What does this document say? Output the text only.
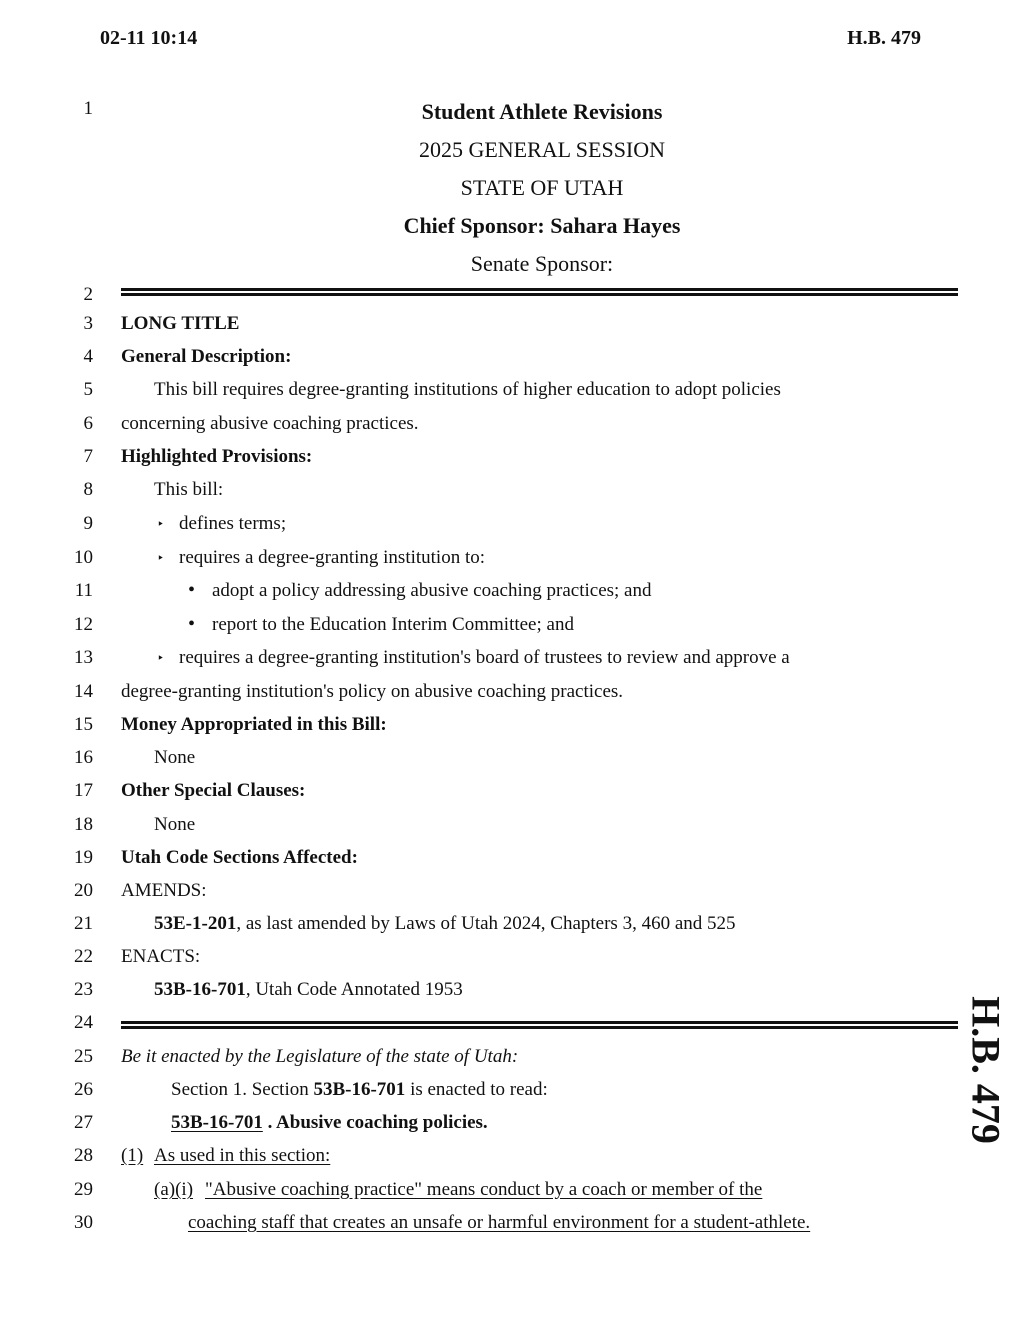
02-11 10:14	H.B. 479
H.B. 479
1
2
3
4
5
6
7
8
9
10
11
12
13
14
15
16
17
18
19
20
21
22
23
24
25
26
27
28
29
30
Student Athlete Revisions
2025 GENERAL SESSION
STATE OF UTAH
Chief Sponsor: Sahara Hayes
Senate Sponsor:
LONG TITLE
General Description:
This bill requires degree-granting institutions of higher education to adopt policies
concerning abusive coaching practices.
Highlighted Provisions:
This bill:
‣ defines terms;
‣ requires a degree-granting institution to:
• adopt a policy addressing abusive coaching practices; and
• report to the Education Interim Committee; and
‣ requires a degree-granting institution's board of trustees to review and approve a
degree-granting institution's policy on abusive coaching practices.
Money Appropriated in this Bill:
None
Other Special Clauses:
None
Utah Code Sections Affected:
AMENDS:
53E-1-201, as last amended by Laws of Utah 2024, Chapters 3, 460 and 525
ENACTS:
53B-16-701, Utah Code Annotated 1953
Be it enacted by the Legislature of the state of Utah:
Section 1. Section 53B-16-701 is enacted to read:
53B-16-701 . Abusive coaching policies.
(1) As used in this section:
(a)(i) "Abusive coaching practice" means conduct by a coach or member of the
coaching staff that creates an unsafe or harmful environment for a student-athlete.
